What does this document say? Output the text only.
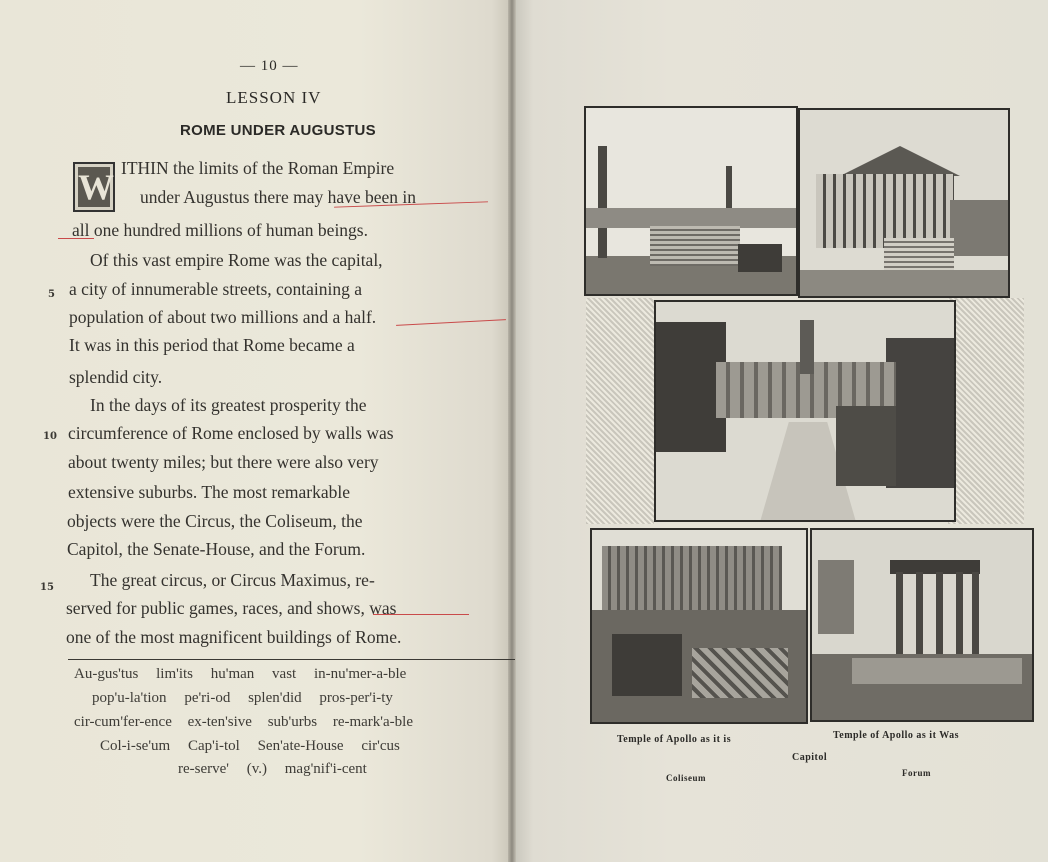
— 10 —
LESSON IV
ROME UNDER AUGUSTUS
W ITHIN the limits of the Roman Empire
under Augustus there may have been in
all one hundred millions of human beings.
Of this vast empire Rome was the capital,
a city of innumerable streets, containing a
population of about two millions and a half.
It was in this period that Rome became a
splendid city.
In the days of its greatest prosperity the
circumference of Rome enclosed by walls was
about twenty miles; but there were also very
extensive suburbs. The most remarkable
objects were the Circus, the Coliseum, the
Capitol, the Senate-House, and the Forum.
The great circus, or Circus Maximus, re-
served for public games, races, and shows, was
one of the most magnificent buildings of Rome.
5
10
15
Au-gus'tus lim'its hu'man vast in-nu'mer-a-ble
pop'u-la'tion pe'ri-od splen'did pros-per'i-ty
cir-cum'fer-ence ex-ten'sive sub'urbs re-mark'a-ble
Col-i-se'um Cap'i-tol Sen'ate-House cir'cus
re-serve' (v.) mag'nif'i-cent
Temple of Apollo as it is	Temple of Apollo as it Was
Capitol
Coliseum	Forum
